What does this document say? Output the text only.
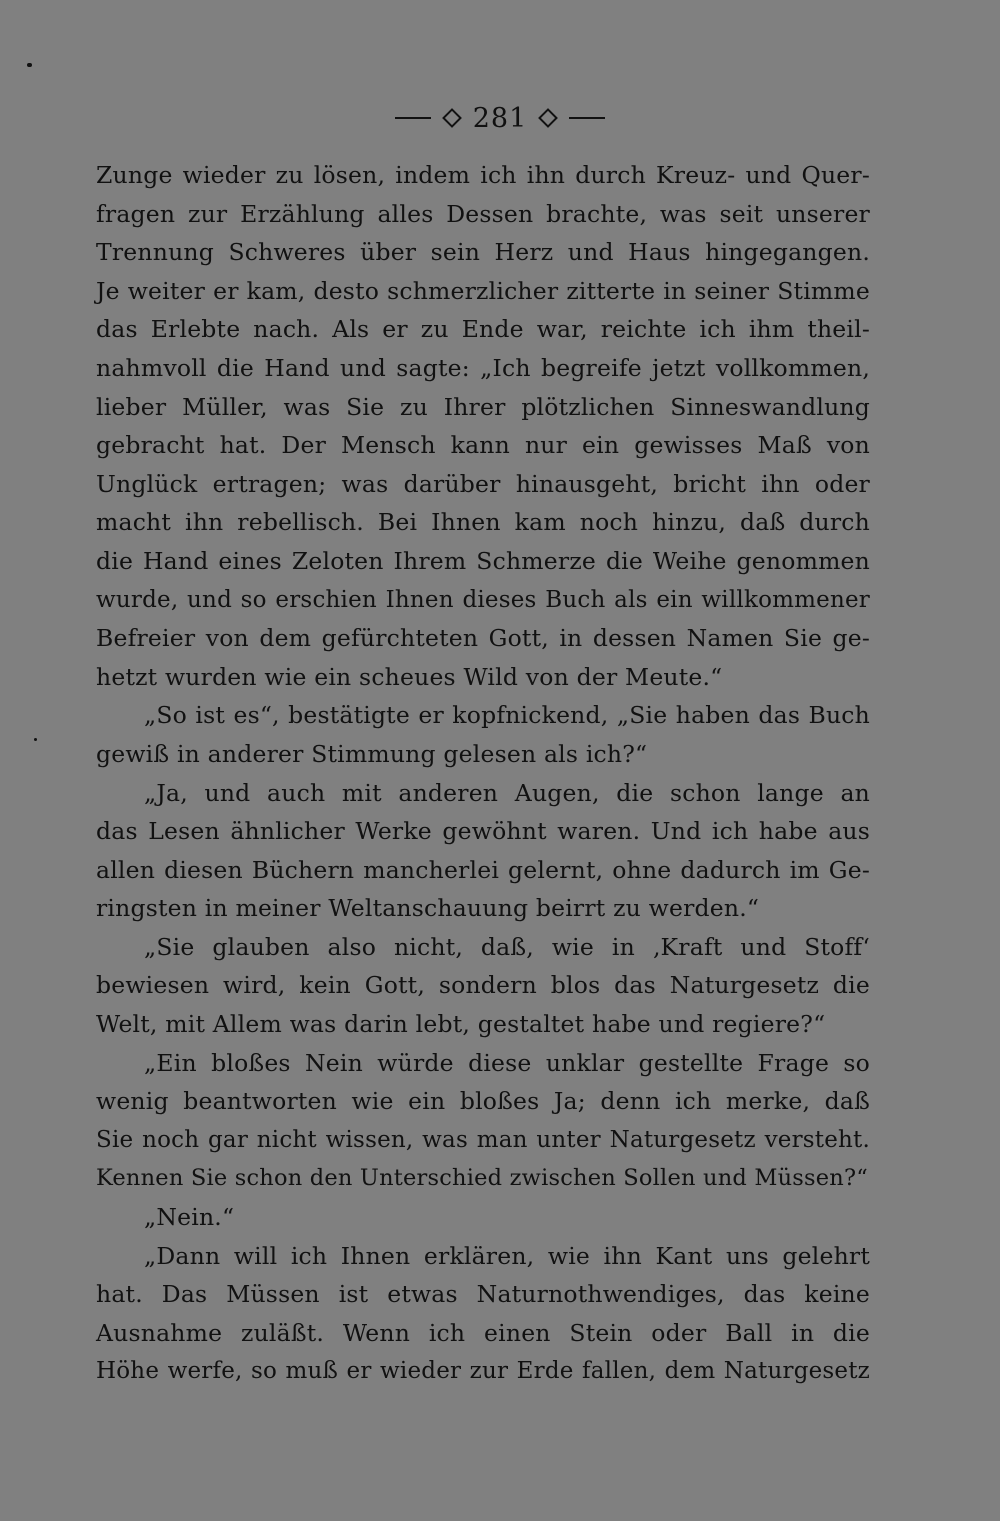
281
Zunge wieder zu lösen, indem ich ihn durch Kreuz- und Quer-
fragen zur Erzählung alles Dessen brachte, was seit unserer
Trennung Schweres über sein Herz und Haus hingegangen.
Je weiter er kam, desto schmerzlicher zitterte in seiner Stimme
das Erlebte nach. Als er zu Ende war, reichte ich ihm theil-
nahmvoll die Hand und sagte: „Ich begreife jetzt vollkommen,
lieber Müller, was Sie zu Ihrer plötzlichen Sinneswandlung
gebracht hat. Der Mensch kann nur ein gewisses Maß von
Unglück ertragen; was darüber hinausgeht, bricht ihn oder
macht ihn rebellisch. Bei Ihnen kam noch hinzu, daß durch
die Hand eines Zeloten Ihrem Schmerze die Weihe genommen
wurde, und so erschien Ihnen dieses Buch als ein willkommener
Befreier von dem gefürchteten Gott, in dessen Namen Sie ge-
hetzt wurden wie ein scheues Wild von der Meute.“
„So ist es“, bestätigte er kopfnickend, „Sie haben das Buch
gewiß in anderer Stimmung gelesen als ich?“
„Ja, und auch mit anderen Augen, die schon lange an
das Lesen ähnlicher Werke gewöhnt waren. Und ich habe aus
allen diesen Büchern mancherlei gelernt, ohne dadurch im Ge-
ringsten in meiner Weltanschauung beirrt zu werden.“
„Sie glauben also nicht, daß, wie in ‚Kraft und Stoff‘
bewiesen wird, kein Gott, sondern blos das Naturgesetz die
Welt, mit Allem was darin lebt, gestaltet habe und regiere?“
„Ein bloßes Nein würde diese unklar gestellte Frage so
wenig beantworten wie ein bloßes Ja; denn ich merke, daß
Sie noch gar nicht wissen, was man unter Naturgesetz versteht.
Kennen Sie schon den Unterschied zwischen Sollen und Müssen?“
„Nein.“
„Dann will ich Ihnen erklären, wie ihn Kant uns gelehrt
hat. Das Müssen ist etwas Naturnothwendiges, das keine
Ausnahme zuläßt. Wenn ich einen Stein oder Ball in die
Höhe werfe, so muß er wieder zur Erde fallen, dem Naturgesetz
